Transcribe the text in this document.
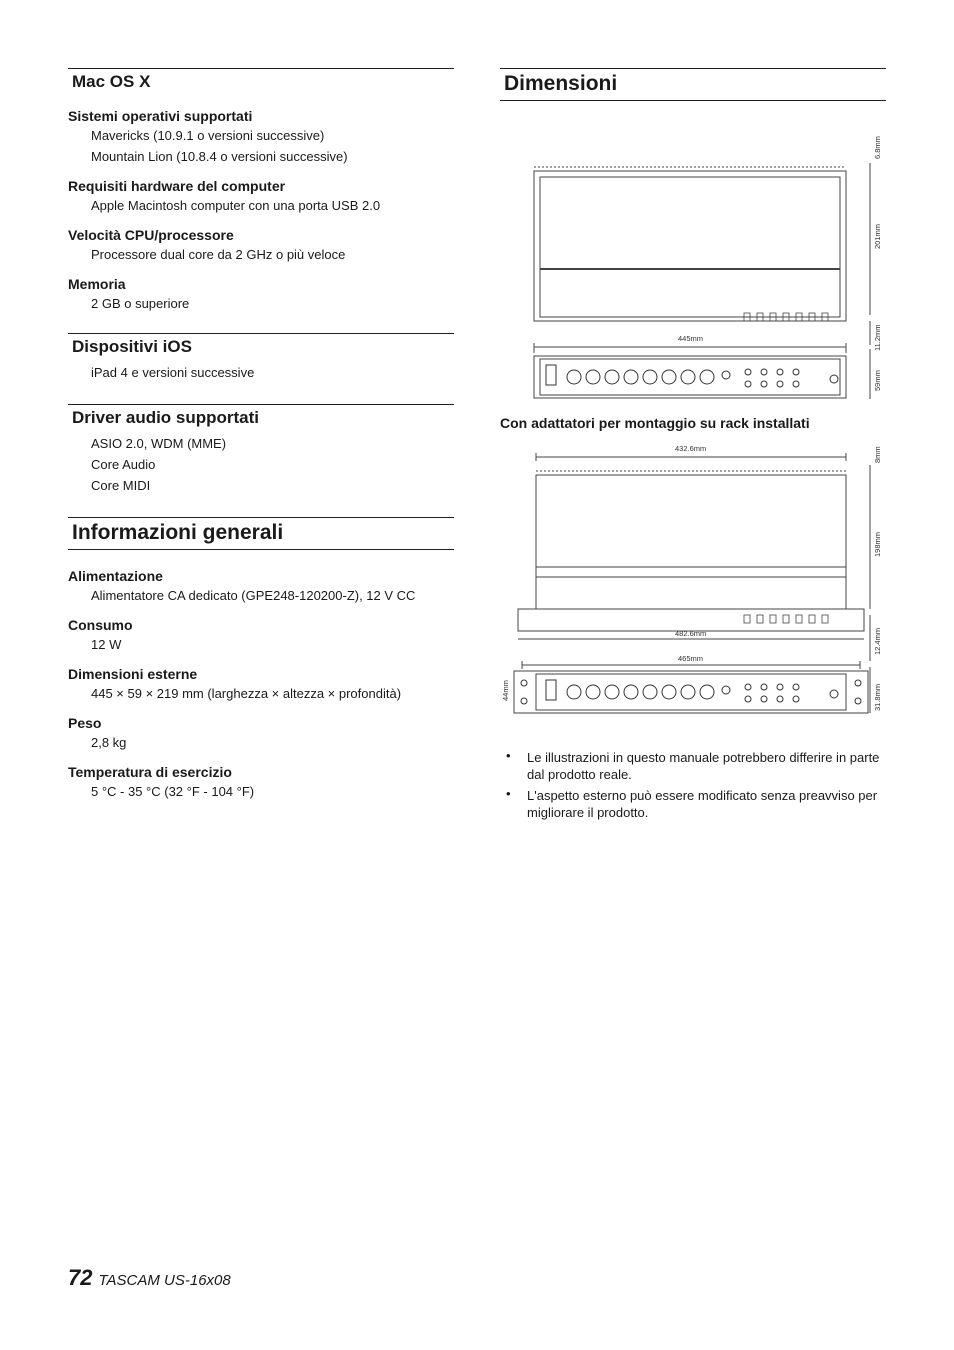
Mac OS X
Sistemi operativi supportati
Mavericks (10.9.1 o versioni successive)
Mountain Lion (10.8.4 o versioni successive)
Requisiti hardware del computer
Apple Macintosh computer con una porta USB 2.0
Velocità CPU/processore
Processore dual core da 2 GHz o più veloce
Memoria
2 GB o superiore
Dispositivi iOS
iPad 4 e versioni successive
Driver audio supportati
ASIO 2.0, WDM (MME)
Core Audio
Core MIDI
Informazioni generali
Alimentazione
Alimentatore CA dedicato (GPE248-120200-Z), 12 V CC
Consumo
12 W
Dimensioni esterne
445 × 59 × 219 mm (larghezza × altezza × profondità)
Peso
2,8 kg
Temperatura di esercizio
5 °C - 35 °C (32 °F - 104 °F)
Dimensioni
6.8mm
201mm
445mm	11.2mm
59mm
Con adattatori per montaggio su rack installati
432.6mm	8mm
198mm
482.6mm	12.4mm
465mm
44mm	31.8mm
• Le illustrazioni in questo manuale potrebbero differire in parte dal prodotto reale.
• L'aspetto esterno può essere modificato senza preavviso per migliorare il prodotto.
72 TASCAM US-16x08
